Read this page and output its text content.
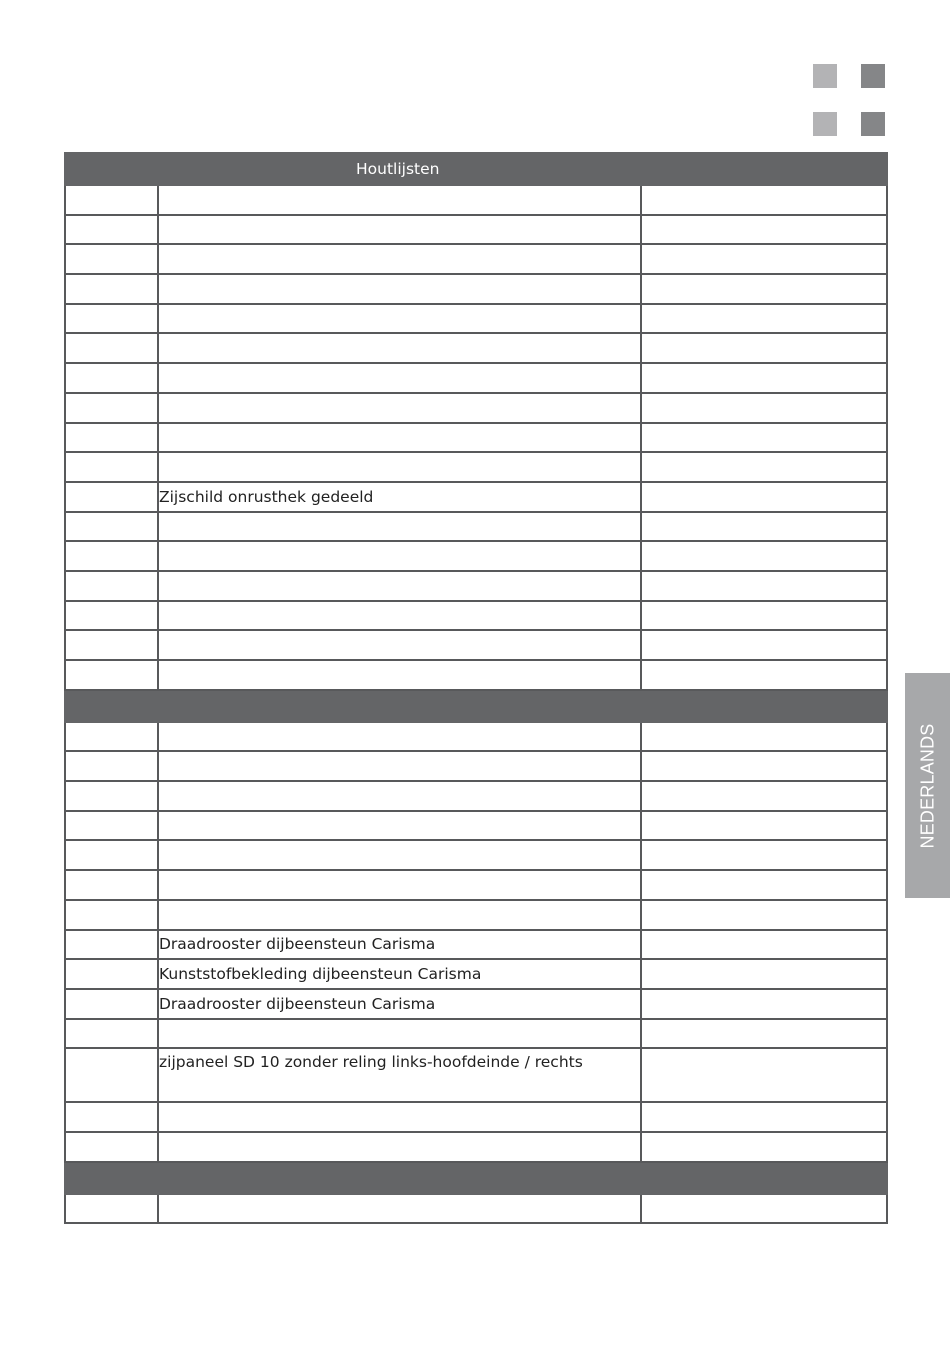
NEDERLANDS
Houtlijsten		

	Zijschild onrusthek gedeeld	

	Draadrooster dijbeensteun Carisma	
	Kunststofbekleding dijbeensteun Carisma	
	Draadrooster dijbeensteun Carisma	

	zijpaneel SD 10 zonder reling links-hoofdeinde / rechts	
